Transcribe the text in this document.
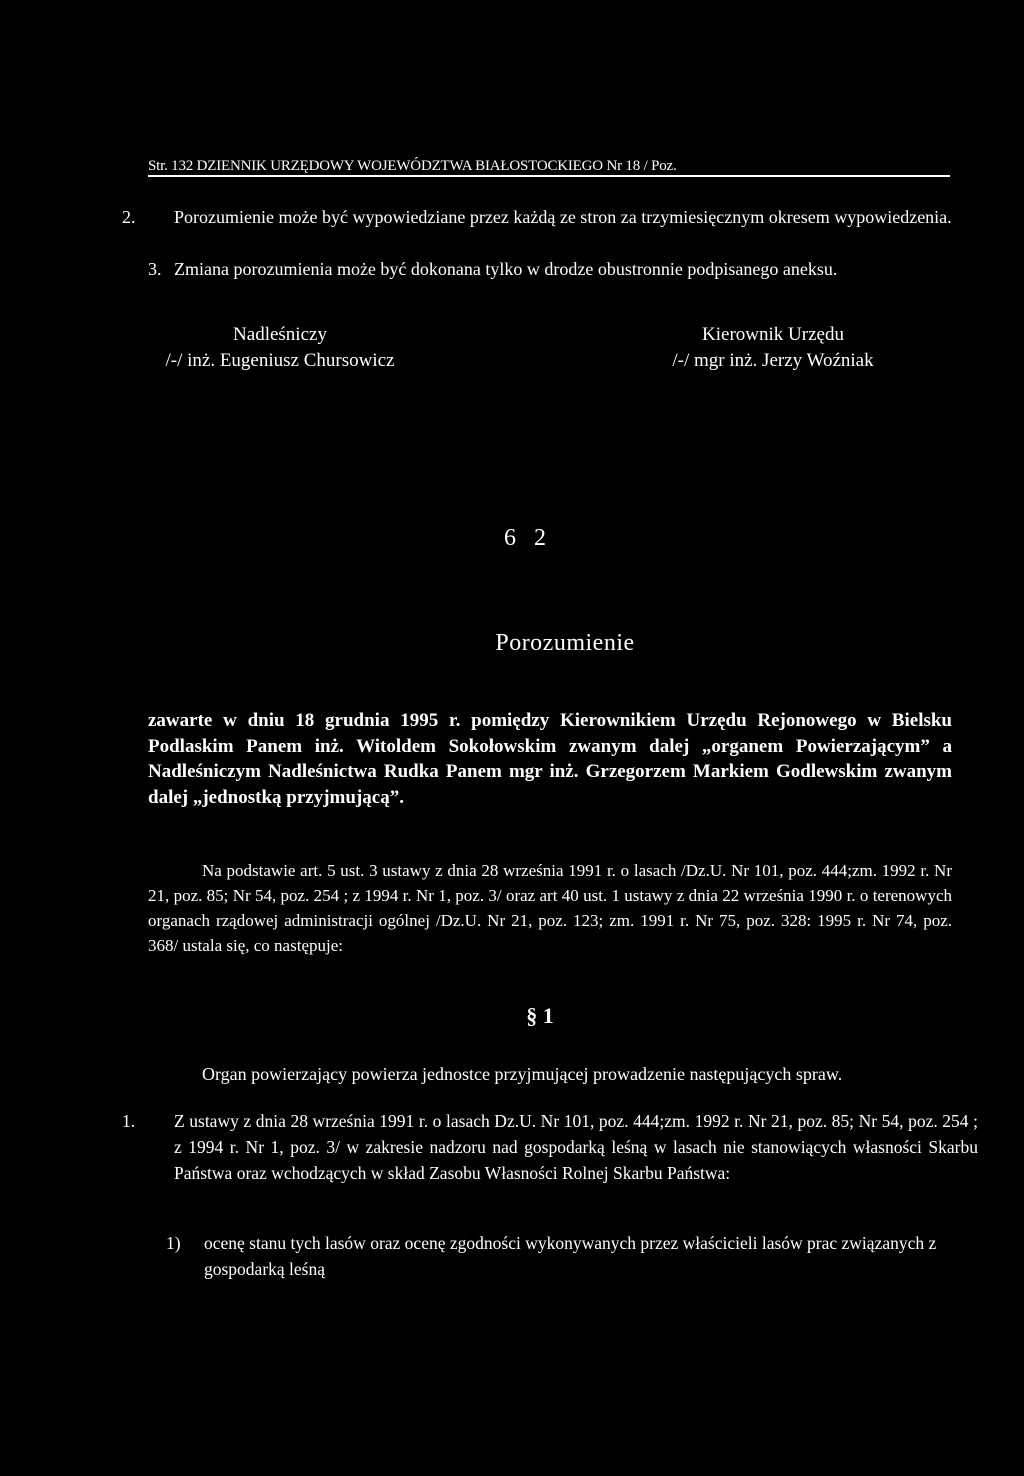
Str. 132 DZIENNIK URZĘDOWY WOJEWÓDZTWA BIAŁOSTOCKIEGO Nr 18 / Poz.
2. Porozumienie może być wypowiedziane przez każdą ze stron za trzymiesięcznym okresem wypowiedzenia.
3. Zmiana porozumienia może być dokonana tylko w drodze obustronnie podpisanego aneksu.
Nadleśniczy
/-/ inż. Eugeniusz Chursowicz
Kierownik Urzędu
/-/ mgr inż. Jerzy Woźniak
6 2
Porozumienie
zawarte w dniu 18 grudnia 1995 r. pomiędzy Kierownikiem Urzędu Rejonowego w Bielsku Podlaskim Panem inż. Witoldem Sokołowskim zwanym dalej „organem Powierzającym” a Nadleśniczym Nadleśnictwa Rudka Panem mgr inż. Grzegorzem Markiem Godlewskim zwanym dalej „jednostką przyjmującą”.
Na podstawie art. 5 ust. 3 ustawy z dnia 28 września 1991 r. o lasach /Dz.U. Nr 101, poz. 444;zm. 1992 r. Nr 21, poz. 85; Nr 54, poz. 254 ; z 1994 r. Nr 1, poz. 3/ oraz art 40 ust. 1 ustawy z dnia 22 września 1990 r. o terenowych organach rządowej administracji ogólnej /Dz.U. Nr 21, poz. 123; zm. 1991 r. Nr 75, poz. 328: 1995 r. Nr 74, poz. 368/ ustala się, co następuje:
§ 1
Organ powierzający powierza jednostce przyjmującej prowadzenie następujących spraw.
1. Z ustawy z dnia 28 września 1991 r. o lasach Dz.U. Nr 101, poz. 444;zm. 1992 r. Nr 21, poz. 85; Nr 54, poz. 254 ; z 1994 r. Nr 1, poz. 3/ w zakresie nadzoru nad gospodarką leśną w lasach nie stanowiących własności Skarbu Państwa oraz wchodzących w skład Zasobu Własności Rolnej Skarbu Państwa:
1) ocenę stanu tych lasów oraz ocenę zgodności wykonywanych przez właścicieli lasów prac związanych z gospodarką leśną
